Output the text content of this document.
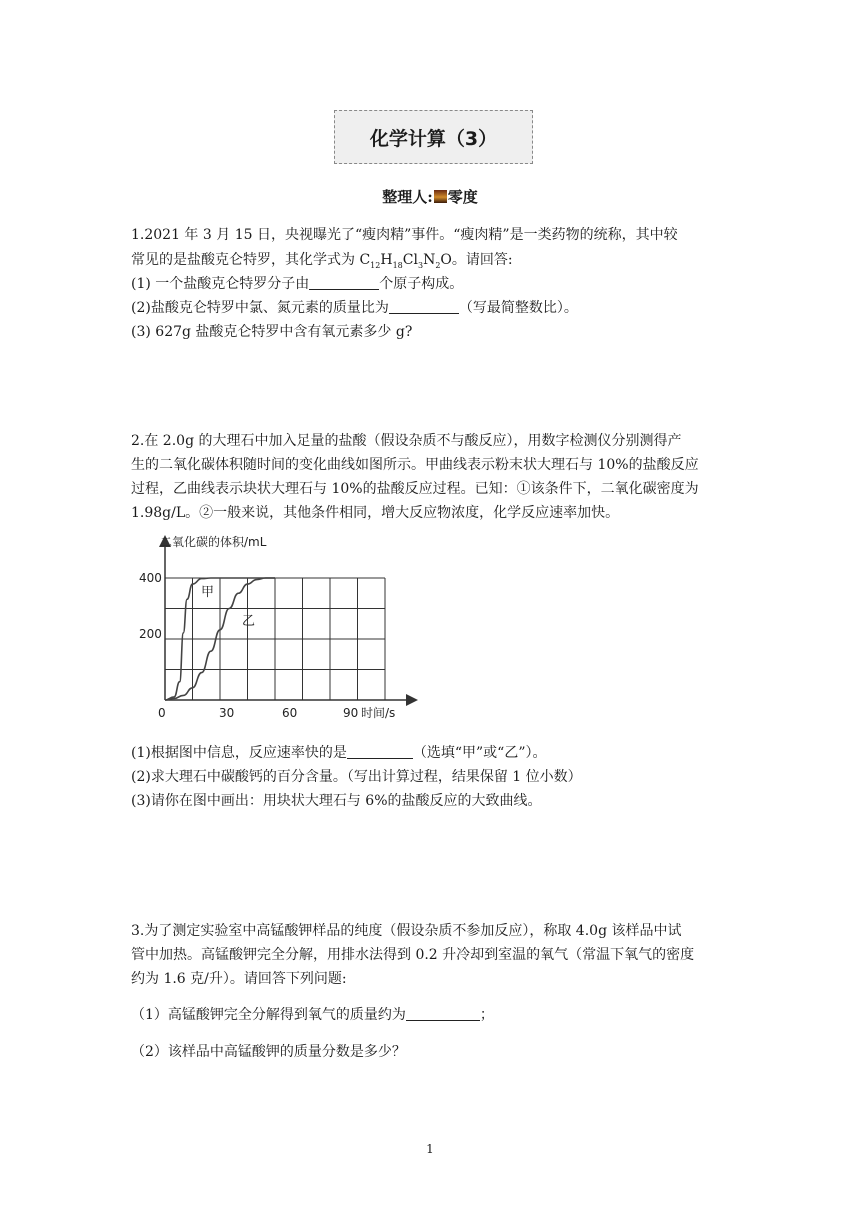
化学计算（3）
整理人: 零度
1.2021 年 3 月 15 日，央视曝光了“瘦肉精”事件。“瘦肉精”是一类药物的统称，其中较
常见的是盐酸克仑特罗，其化学式为 $C_{12}H_{18}Cl_3N_2O$。请回答:
(1) 一个盐酸克仑特罗分子由	个原子构成。
(2)盐酸克仑特罗中氯、氮元素的质量比为	（写最简整数比）。
(3) 627g 盐酸克仑特罗中含有氧元素多少 g?
2.在 2.0g 的大理石中加入足量的盐酸（假设杂质不与酸反应），用数字检测仪分别测得产
生的二氧化碳体积随时间的变化曲线如图所示。甲曲线表示粉末状大理石与 10%的盐酸反应
过程，乙曲线表示块状大理石与 10%的盐酸反应过程。已知：①该条件下，二氧化碳密度为
1.98g/L。②一般来说，其他条件相同，增大反应物浓度，化学反应速率加快。
二氧化碳的体积/mL
时间/s
0	30	60	90
200
400
甲
乙
(1)根据图中信息，反应速率快的是	（选填“甲”或“乙”）。
(2)求大理石中碳酸钙的百分含量。（写出计算过程，结果保留 1 位小数）
(3)请你在图中画出：用块状大理石与 6%的盐酸反应的大致曲线。
3.为了测定实验室中高锰酸钾样品的纯度（假设杂质不参加反应），称取 4.0g 该样品中试
管中加热。高锰酸钾完全分解，用排水法得到 0.2 升冷却到室温的氧气（常温下氧气的密度
约为 1.6 克/升）。请回答下列问题:
（1）高锰酸钾完全分解得到氧气的质量约为	；
（2）该样品中高锰酸钾的质量分数是多少？
1
